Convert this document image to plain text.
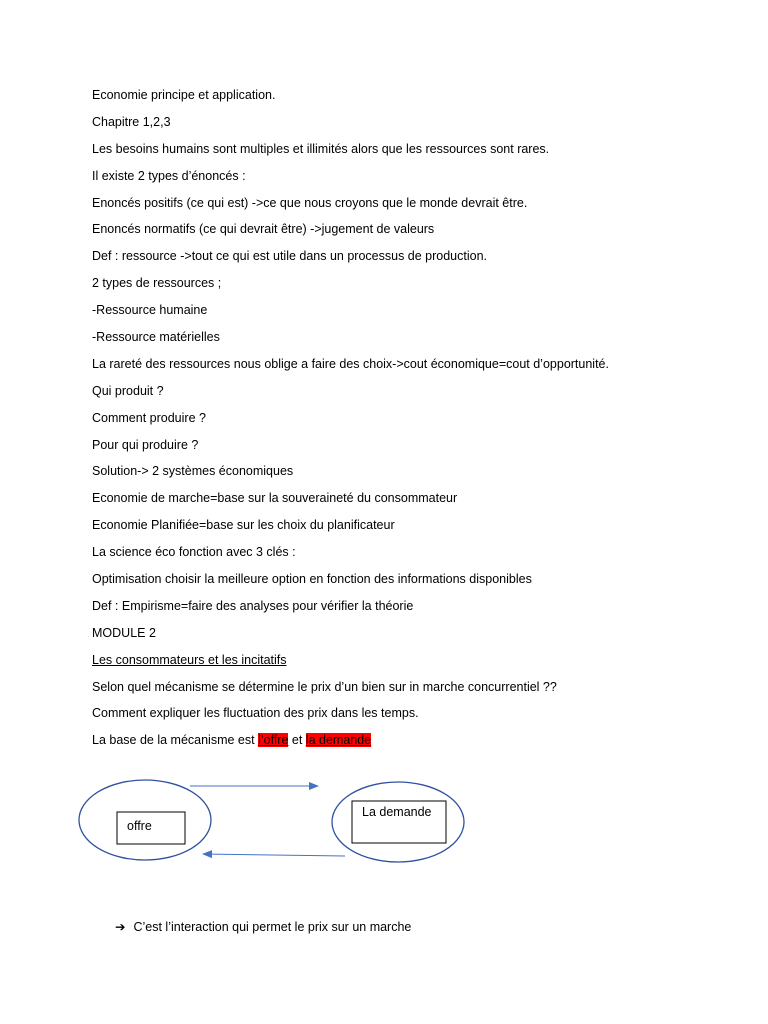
Economie principe et application.
Chapitre 1,2,3
Les besoins humains sont multiples et illimités alors que les ressources sont rares.
Il existe 2 types d’énoncés :
Enoncés positifs (ce qui est) ->ce que nous croyons que le monde devrait être.
Enoncés normatifs (ce qui devrait être) ->jugement de valeurs
Def : ressource ->tout ce qui est utile dans un processus de production.
2 types de ressources ;
-Ressource humaine
-Ressource matérielles
La rareté des ressources nous oblige a faire des choix->cout économique=cout d’opportunité.
Qui produit ?
Comment produire ?
Pour qui produire ?
Solution-> 2 systèmes économiques
Economie de marche=base sur la souveraineté du consommateur
Economie Planifiée=base sur les choix du planificateur
La science éco fonction avec 3 clés :
Optimisation choisir la meilleure option en fonction des informations disponibles
Def : Empirisme=faire des analyses pour vérifier la théorie
MODULE 2
Les consommateurs et les incitatifs
Selon quel mécanisme se détermine le prix d’un bien sur in marche concurrentiel ??
Comment expliquer les fluctuation des prix dans les temps.
La base de la mécanisme est l’offre et la demande
offre
La demande
➔ C’est l’interaction qui permet le prix sur un marche
